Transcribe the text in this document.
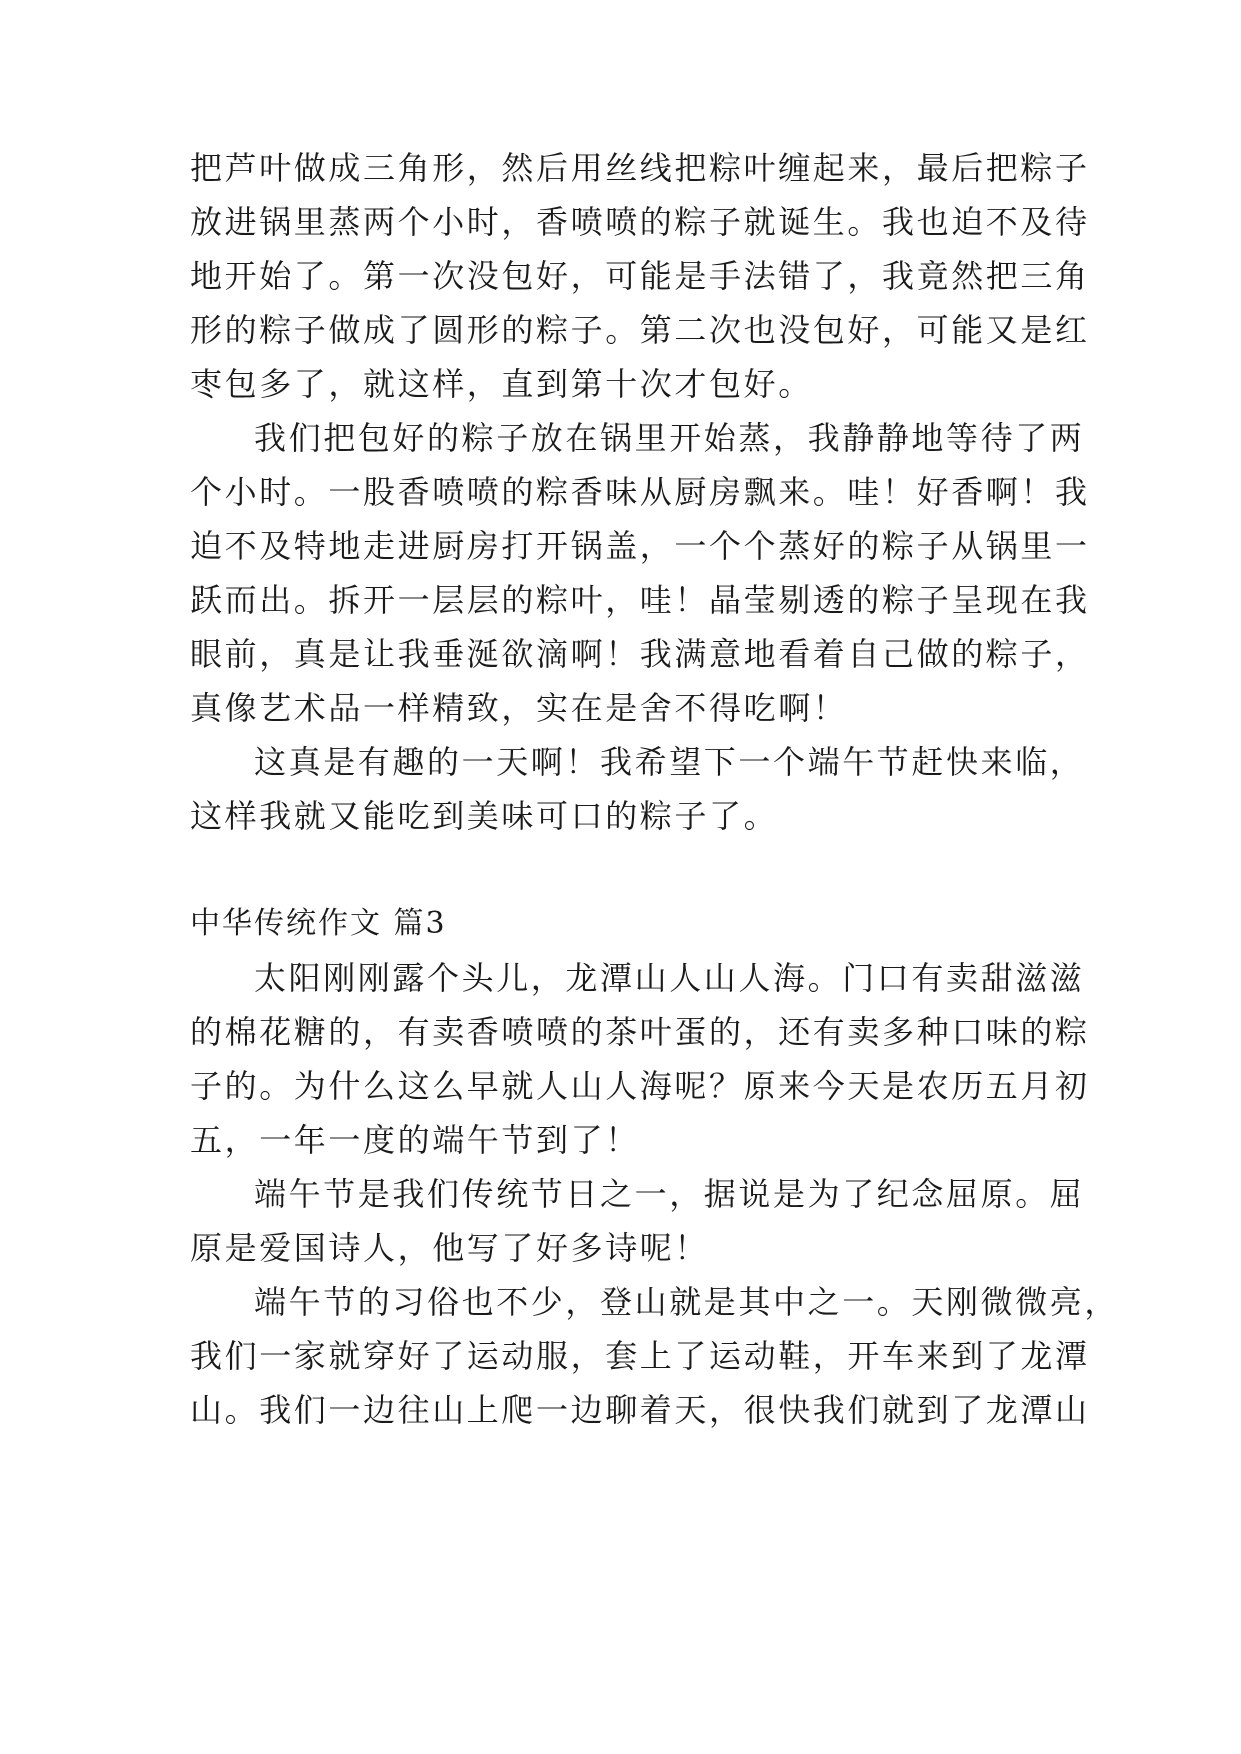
把芦叶做成三角形，然后用丝线把粽叶缠起来，最后把粽子
放进锅里蒸两个小时，香喷喷的粽子就诞生。我也迫不及待
地开始了。第一次没包好，可能是手法错了，我竟然把三角
形的粽子做成了圆形的粽子。第二次也没包好，可能又是红
枣包多了，就这样，直到第十次才包好。
我们把包好的粽子放在锅里开始蒸，我静静地等待了两
个小时。一股香喷喷的粽香味从厨房飘来。哇！好香啊！我
迫不及特地走进厨房打开锅盖，一个个蒸好的粽子从锅里一
跃而出。拆开一层层的粽叶，哇！晶莹剔透的粽子呈现在我
眼前，真是让我垂涎欲滴啊！我满意地看着自己做的粽子，
真像艺术品一样精致，实在是舍不得吃啊！
这真是有趣的一天啊！我希望下一个端午节赶快来临，
这样我就又能吃到美味可口的粽子了。
中华传统作文 篇3
太阳刚刚露个头儿，龙潭山人山人海。门口有卖甜滋滋
的棉花糖的，有卖香喷喷的茶叶蛋的，还有卖多种口味的粽
子的。为什么这么早就人山人海呢？原来今天是农历五月初
五，一年一度的端午节到了！
端午节是我们传统节日之一，据说是为了纪念屈原。屈
原是爱国诗人，他写了好多诗呢！
端午节的习俗也不少，登山就是其中之一。天刚微微亮，
我们一家就穿好了运动服，套上了运动鞋，开车来到了龙潭
山。我们一边往山上爬一边聊着天，很快我们就到了龙潭山
